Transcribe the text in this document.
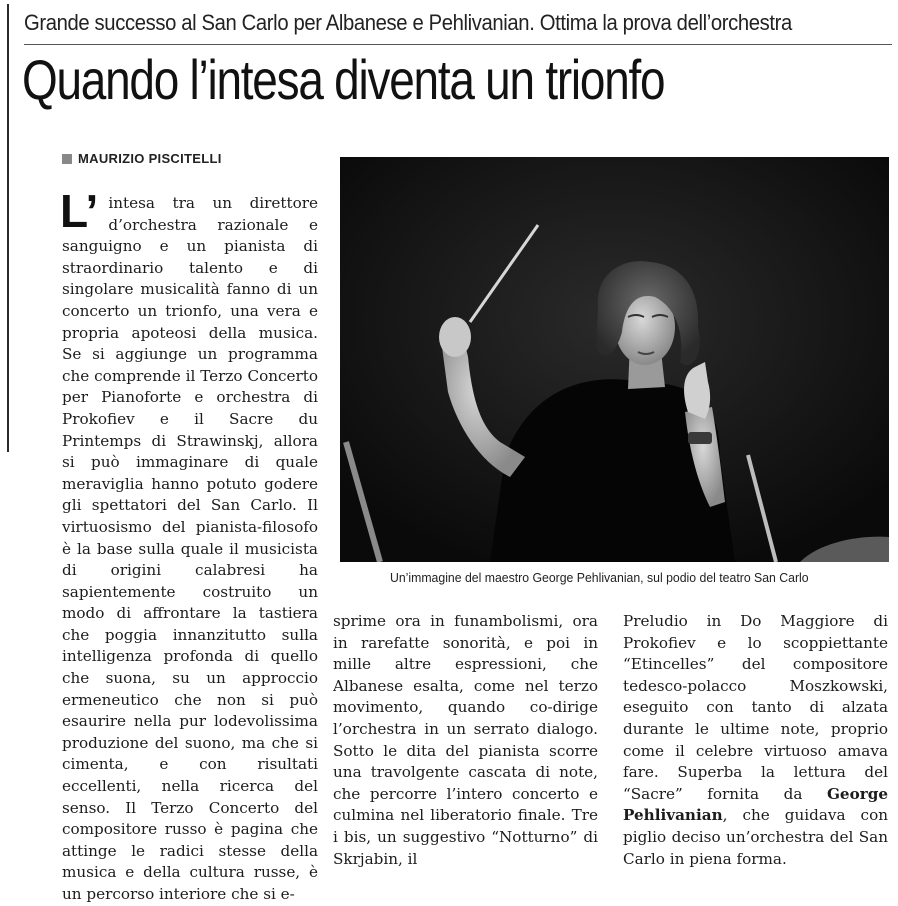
Grande successo al San Carlo per Albanese e Pehlivanian. Ottima la prova dell’orchestra
Quando l’intesa diventa un trionfo
MAURIZIO PISCITELLI
L’ intesa tra un direttore d’orchestra razionale e sanguigno e un pianista di straordinario talento e di singolare musicalità fanno di un concerto un trionfo, una vera e propria apoteosi della musica. Se si aggiunge un programma che comprende il Terzo Concerto per Pianoforte e orchestra di Prokofiev e il Sacre du Printemps di Strawinskj, allora si può immaginare di quale meraviglia hanno potuto godere gli spettatori del San Carlo. Il virtuosismo del pianista-filosofo è la base sulla quale il musicista di origini calabresi ha sapientemente costruito un modo di affrontare la tastiera che poggia innanzitutto sulla intelligenza profonda di quello che suona, su un approccio ermeneutico che non si può esaurire nella pur lodevolissima produzione del suono, ma che si cimenta, e con risultati eccellenti, nella ricerca del senso. Il Terzo Concerto del compositore russo è pagina che attinge le radici stesse della musica e della cultura russe, è un percorso interiore che si e-
Un’immagine del maestro George Pehlivanian, sul podio del teatro San Carlo
sprime ora in funambolismi, ora in rarefatte sonorità, e poi in mille altre espressioni, che Albanese esalta, come nel terzo movimento, quando co-dirige l’orchestra in un serrato dialogo. Sotto le dita del pianista scorre una travolgente cascata di note, che percorre l’intero concerto e culmina nel liberatorio finale. Tre i bis, un suggestivo “Notturno” di Skrjabin, il
Preludio in Do Maggiore di Prokofiev e lo scoppiettante “Etincelles” del compositore tedesco-polacco Moszkowski, eseguito con tanto di alzata durante le ultime note, proprio come il celebre virtuoso amava fare. Superba la lettura del “Sacre” fornita da George Pehlivanian, che guidava con piglio deciso un’orchestra del San Carlo in piena forma.
